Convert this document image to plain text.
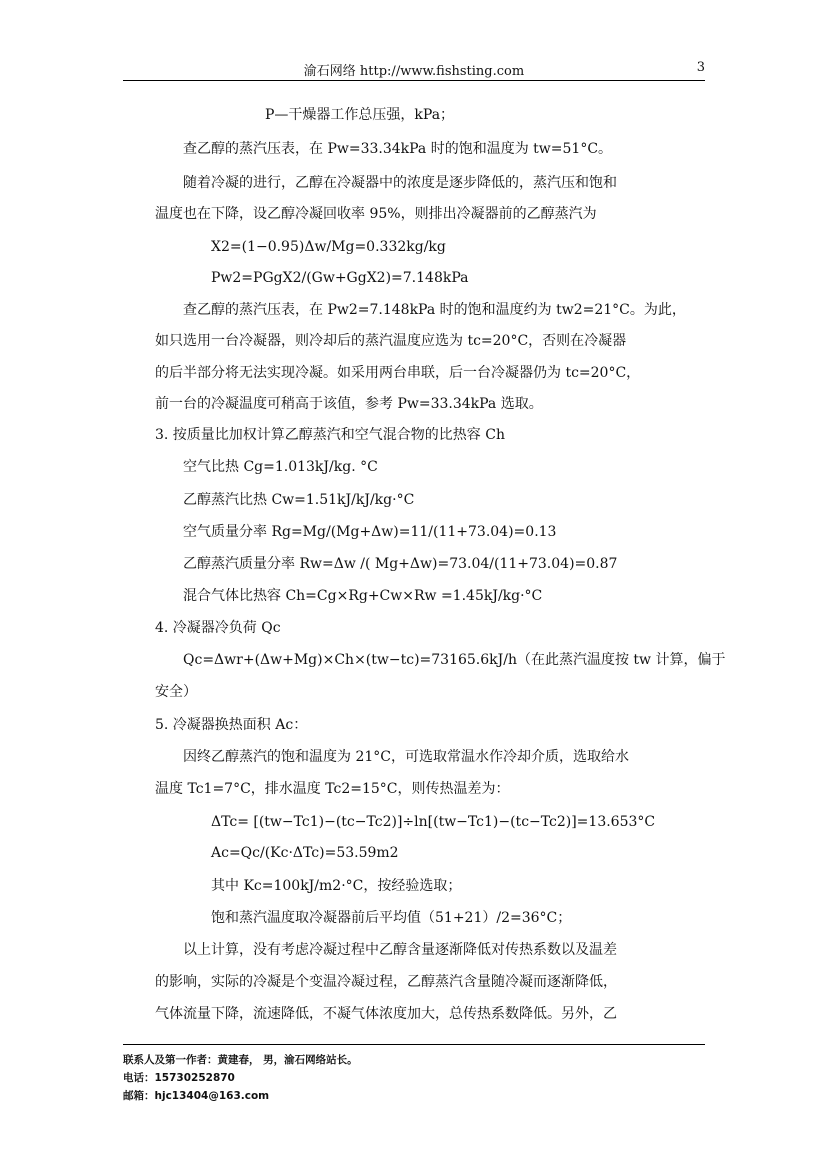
渝石网络 http://www.fishsting.com	3
P—干燥器工作总压强，kPa；
查乙醇的蒸汽压表，在 Pw=33.34kPa 时的饱和温度为 tw=51°C。
随着冷凝的进行，乙醇在冷凝器中的浓度是逐步降低的，蒸汽压和饱和
温度也在下降，设乙醇冷凝回收率 95%，则排出冷凝器前的乙醇蒸汽为
X2=(1−0.95)Δw/Mg=0.332kg/kg
Pw2=PGgX2/(Gw+GgX2)=7.148kPa
查乙醇的蒸汽压表，在 Pw2=7.148kPa 时的饱和温度约为 tw2=21°C。为此，
如只选用一台冷凝器，则冷却后的蒸汽温度应选为 tc=20°C，否则在冷凝器
的后半部分将无法实现冷凝。如采用两台串联，后一台冷凝器仍为 tc=20°C，
前一台的冷凝温度可稍高于该值，参考 Pw=33.34kPa 选取。
3. 按质量比加权计算乙醇蒸汽和空气混合物的比热容 Ch
空气比热 Cg=1.013kJ/kg. °C
乙醇蒸汽比热 Cw=1.51kJ/kJ/kg·°C
空气质量分率 Rg=Mg/(Mg+Δw)=11/(11+73.04)=0.13
乙醇蒸汽质量分率 Rw=Δw /( Mg+Δw)=73.04/(11+73.04)=0.87
混合气体比热容 Ch=Cg×Rg+Cw×Rw =1.45kJ/kg·°C
4. 冷凝器冷负荷 Qc
Qc=Δwr+(Δw+Mg)×Ch×(tw−tc)=73165.6kJ/h（在此蒸汽温度按 tw 计算，偏于
安全）
5. 冷凝器换热面积 Ac：
因终乙醇蒸汽的饱和温度为 21°C，可选取常温水作冷却介质，选取给水
温度 Tc1=7°C，排水温度 Tc2=15°C，则传热温差为：
ΔTc= [(tw−Tc1)−(tc−Tc2)]÷ln[(tw−Tc1)−(tc−Tc2)]=13.653°C
Ac=Qc/(Kc·ΔTc)=53.59m2
其中 Kc=100kJ/m2·°C，按经验选取；
饱和蒸汽温度取冷凝器前后平均值（51+21）/2=36°C；
以上计算，没有考虑冷凝过程中乙醇含量逐渐降低对传热系数以及温差
的影响，实际的冷凝是个变温冷凝过程，乙醇蒸汽含量随冷凝而逐渐降低，
气体流量下降，流速降低，不凝气体浓度加大，总传热系数降低。另外，乙
联系人及第一作者：黄建春， 男，渝石网络站长。
电话：15730252870
邮箱：hjc13404@163.com
